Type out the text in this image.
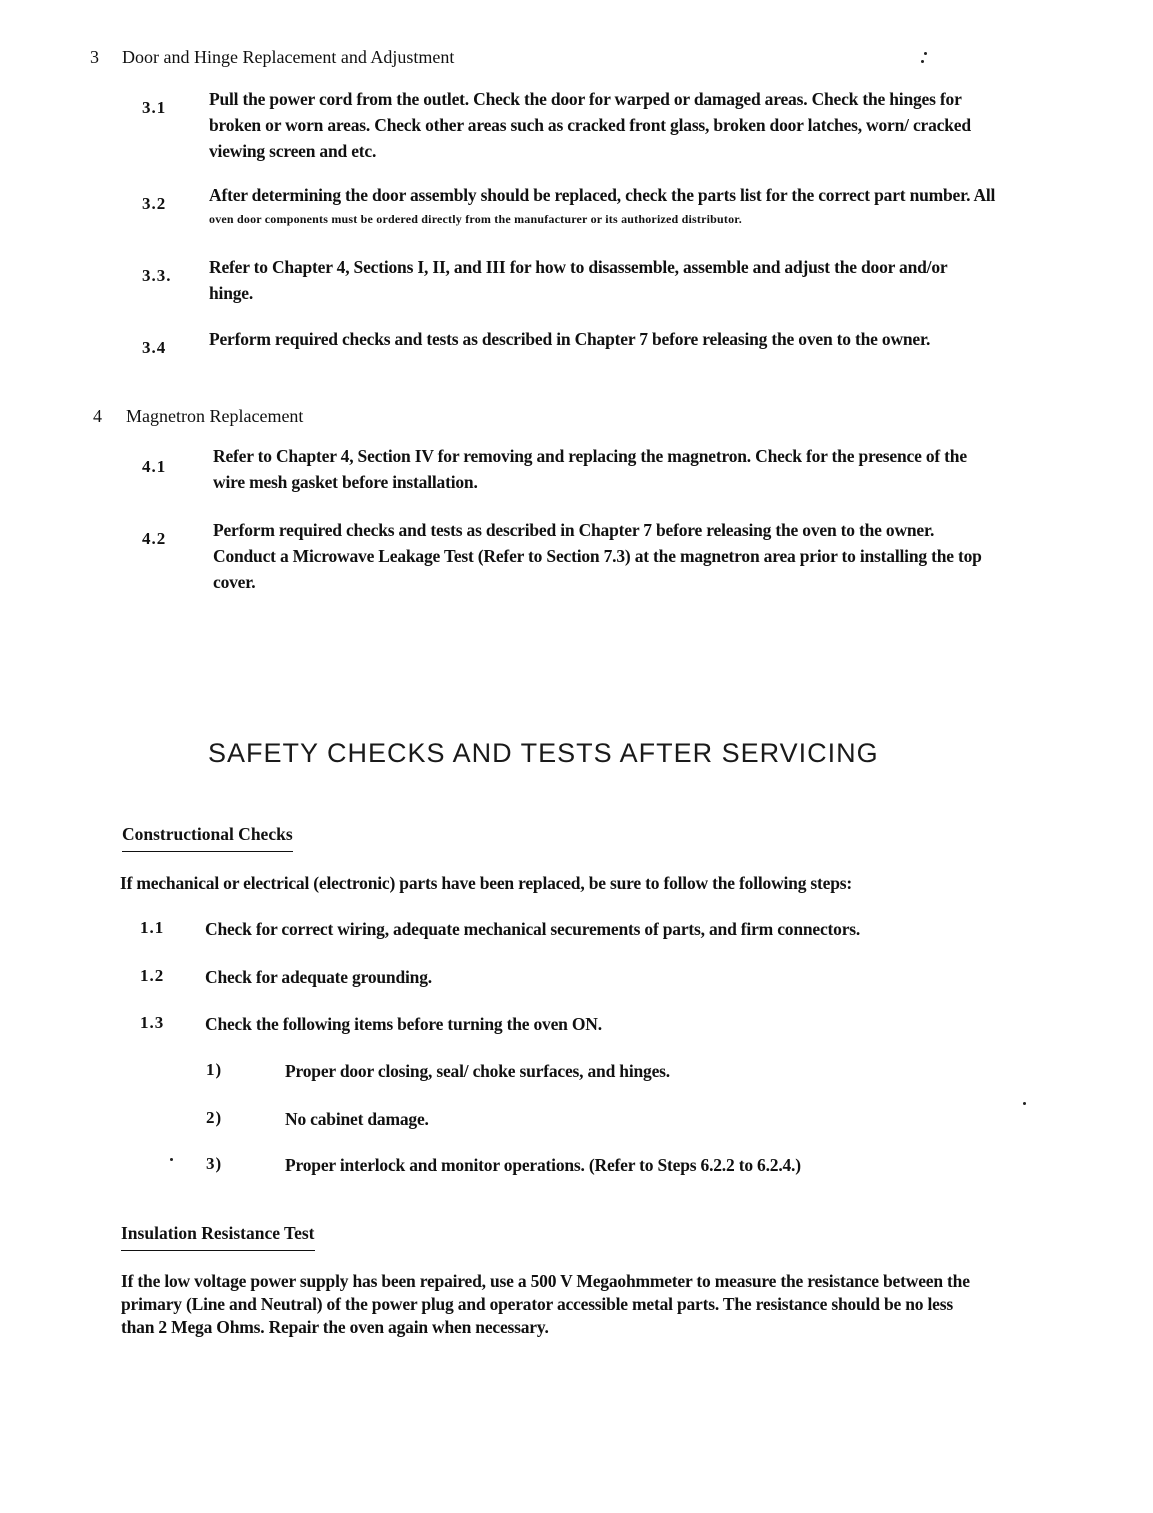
3 Door and Hinge Replacement and Adjustment
3.1 Pull the power cord from the outlet. Check the door for warped or damaged areas. Check the hinges for
broken or worn areas. Check other areas such as cracked front glass, broken door latches, worn/ cracked
viewing screen and etc.
3.2 After determining the door assembly should be replaced, check the parts list for the correct part number. All
oven door components must be ordered directly from the manufacturer or its authorized distributor.
3.3. Refer to Chapter 4, Sections I, II, and III for how to disassemble, assemble and adjust the door and/or
hinge.
3.4 Perform required checks and tests as described in Chapter 7 before releasing the oven to the owner.
4 Magnetron Replacement
4.1
Refer to Chapter 4, Section IV for removing and replacing the magnetron. Check for the presence of the
wire mesh gasket before installation.
4.2	Perform required checks and tests as described in Chapter 7 before releasing the oven to the owner.
Conduct a Microwave Leakage Test (Refer to Section 7.3) at the magnetron area prior to installing the top
cover.
SAFETY CHECKS AND TESTS AFTER SERVICING
Constructional Checks
If mechanical or electrical (electronic) parts have been replaced, be sure to follow the following steps:
1.1 Check for correct wiring, adequate mechanical securements of parts, and firm connectors.
1.2 Check for adequate grounding.
1.3 Check the following items before turning the oven ON.
1)	Proper door closing, seal/ choke surfaces, and hinges.
2)	No cabinet damage.
3)	Proper interlock and monitor operations. (Refer to Steps 6.2.2 to 6.2.4.)
Insulation Resistance Test
If the low voltage power supply has been repaired, use a 500 V Megaohmmeter to measure the resistance between the
primary (Line and Neutral) of the power plug and operator accessible metal parts. The resistance should be no less
than 2 Mega Ohms. Repair the oven again when necessary.
